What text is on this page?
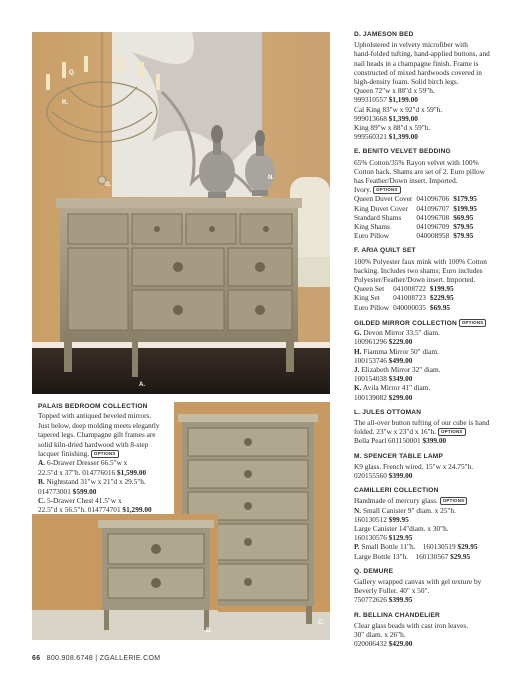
Q.
R.
G.
N.
A.
C.
B.
PALAIS BEDROOM COLLECTION
Topped with antiqued beveled mirrors.
Just below, deep molding meets elegantly
tapered legs. Champagne gilt frames are
solid kiln-dried hardwood with 8-step
lacquer finishing. OPTIONS
A. 6-Drawer Dresser 66.5"w x
22.5"d x 37"h. 014776016 $1,599.00
B. Nightstand 31"w x 21"d x 29.5"h.
014773001 $599.00
C. 5-Drawer Chest 41.5"w x
22.5"d x 56.5"h. 014774701 $1,299.00
D. JAMESON BED
Upholstered in velvety microfiber with
hand-folded tufting, hand-applied buttons, and
nail heads in a champagne finish. Frame is
constructed of mixed hardwoods covered in
high-density foam. Solid birch legs.
Queen 72"w x 88"d x 59"h.
999310557 $1,199.00
Cal King 83"w x 92"d x 59"h.
999013668 $1,399.00
King 89"w x 88"d x 59"h.
999560321 $1,399.00
E. BENITO VELVET BEDDING
65% Cotton/35% Rayon velvet with 100%
Cotton back. Shams are set of 2. Euro pillow
has Feather/Down insert. Imported.
Ivory. OPTIONS
Queen Duvet Cover	041096706	$179.95
King Duvet Cover	041096707	$199.95
Standard Shams	041096708	$69.95
King Shams	041096709	$79.95
Euro Pillow	040008958	$79.95
F. ARIA QUILT SET
100% Polyester faux mink with 100% Cotton
backing. Includes two shams; Euro includes
Polyester/Feather/Down insert. Imported.
Queen Set	041008722	$199.95
King Set	041008723	$229.95
Euro Pillow	040000035	$69.95
GILDED MIRROR COLLECTION OPTIONS
G. Devon Mirror 33.5" diam.
100961296 $229.00
H. Fiamma Mirror 50" diam.
100153746 $499.00
J. Elizabeth Mirror 32" diam.
100154038 $349.00
K. Avila Mirror 41" diam.
100139082 $299.00
L. JULES OTTOMAN
The all-over button tufting of our cube is hand
folded. 23"w x 23"d x 16"h. OPTIONS
Bella Pearl 601150001 $399.00
M. SPENCER TABLE LAMP
K9 glass. French wired. 15"w x 24.75"h.
020155560 $399.00
CAMILLERI COLLECTION
Handmade of mercury glass. OPTIONS
N. Small Canister 9" diam. x 25"h.
160130512 $99.95
Large Canister 14"diam. x 30"h.
160130576 $129.95
P. Small Bottle 11"h. 160130519 $29.95
Large Bottle 13"h. 160130567 $29.95
Q. DEMURE
Gallery wrapped canvas with gel texture by
Beverly Fuller. 40" x 50".
750772626 $399.95
R. BELLINA CHANDELIER
Clear glass beads with cast iron leaves.
30" diam. x 26"h.
020006432 $429.00
66 800.908.6748 | ZGALLERIE.COM
